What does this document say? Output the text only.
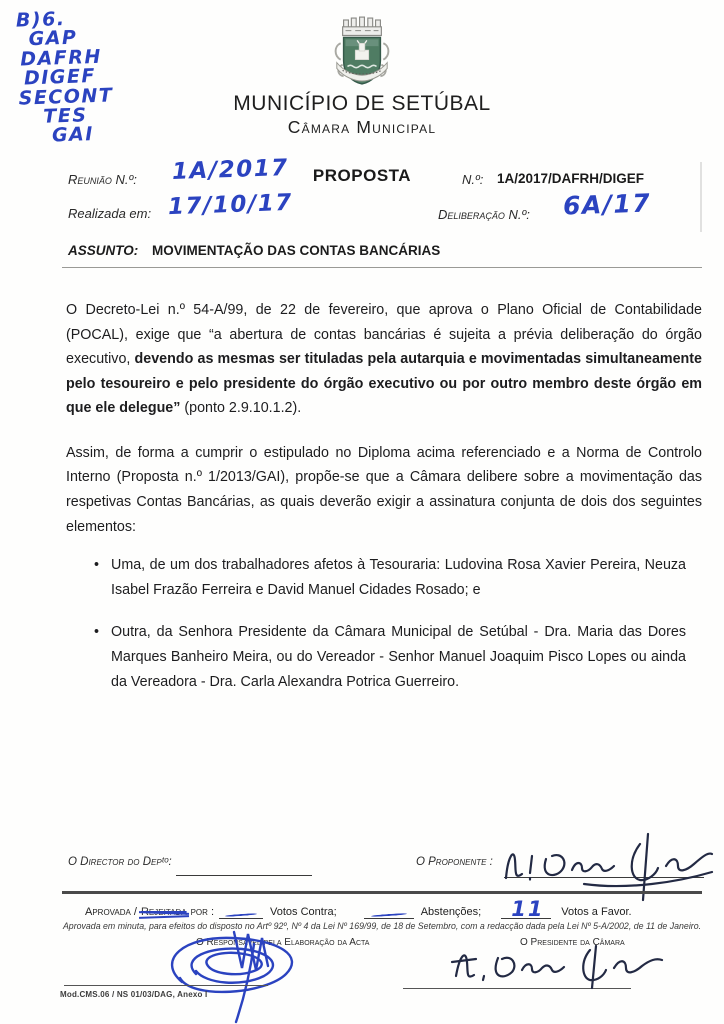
B)6.
GAP
DAFRH
DIGEF
SECONT
TES
GAI
MUNICÍPIO DE SETÚBAL
Câmara Municipal
Reunião N.º: 1A/2017 PROPOSTA	N.º: 1A/2017/DAFRH/DIGEF
Realizada em: 17/10/17	Deliberação N.º: 6A/17
ASSUNTO: MOVIMENTAÇÃO DAS CONTAS BANCÁRIAS

O Decreto-Lei n.º 54-A/99, de 22 de fevereiro, que aprova o Plano Oficial de Contabilidade (POCAL), exige que “a abertura de contas bancárias é sujeita a prévia deliberação do órgão executivo, devendo as mesmas ser tituladas pela autarquia e movimentadas simultaneamente pelo tesoureiro e pelo presidente do órgão executivo ou por outro membro deste órgão em que ele delegue” (ponto 2.9.10.1.2).

Assim, de forma a cumprir o estipulado no Diploma acima referenciado e a Norma de Controlo Interno (Proposta n.º 1/2013/GAI), propõe-se que a Câmara delibere sobre a movimentação das respetivas Contas Bancárias, as quais deverão exigir a assinatura conjunta de dois dos seguintes elementos:

• Uma, de um dos trabalhadores afetos à Tesouraria: Ludovina Rosa Xavier Pereira, Neuza Isabel Frazão Ferreira e David Manuel Cidades Rosado; e
• Outra, da Senhora Presidente da Câmara Municipal de Setúbal - Dra. Maria das Dores Marques Banheiro Meira, ou do Vereador - Senhor Manuel Joaquim Pisco Lopes ou ainda da Vereadora - Dra. Carla Alexandra Potrica Guerreiro.
O Director do Depᵗᵒ:	O Proponente :
Aprovada / Rejeitada por :	Votos Contra;	Abstenções; 11 Votos a Favor.
Aprovada em minuta, para efeitos do disposto no Artº 92º, Nº 4 da Lei Nº 169/99, de 18 de Setembro, com a redacção dada pela Lei Nº 5-A/2002, de 11 de Janeiro.
O Responsável pela Elaboração da Acta	O Presidente da Câmara
Mod.CMS.06 / NS 01/03/DAG, Anexo I
